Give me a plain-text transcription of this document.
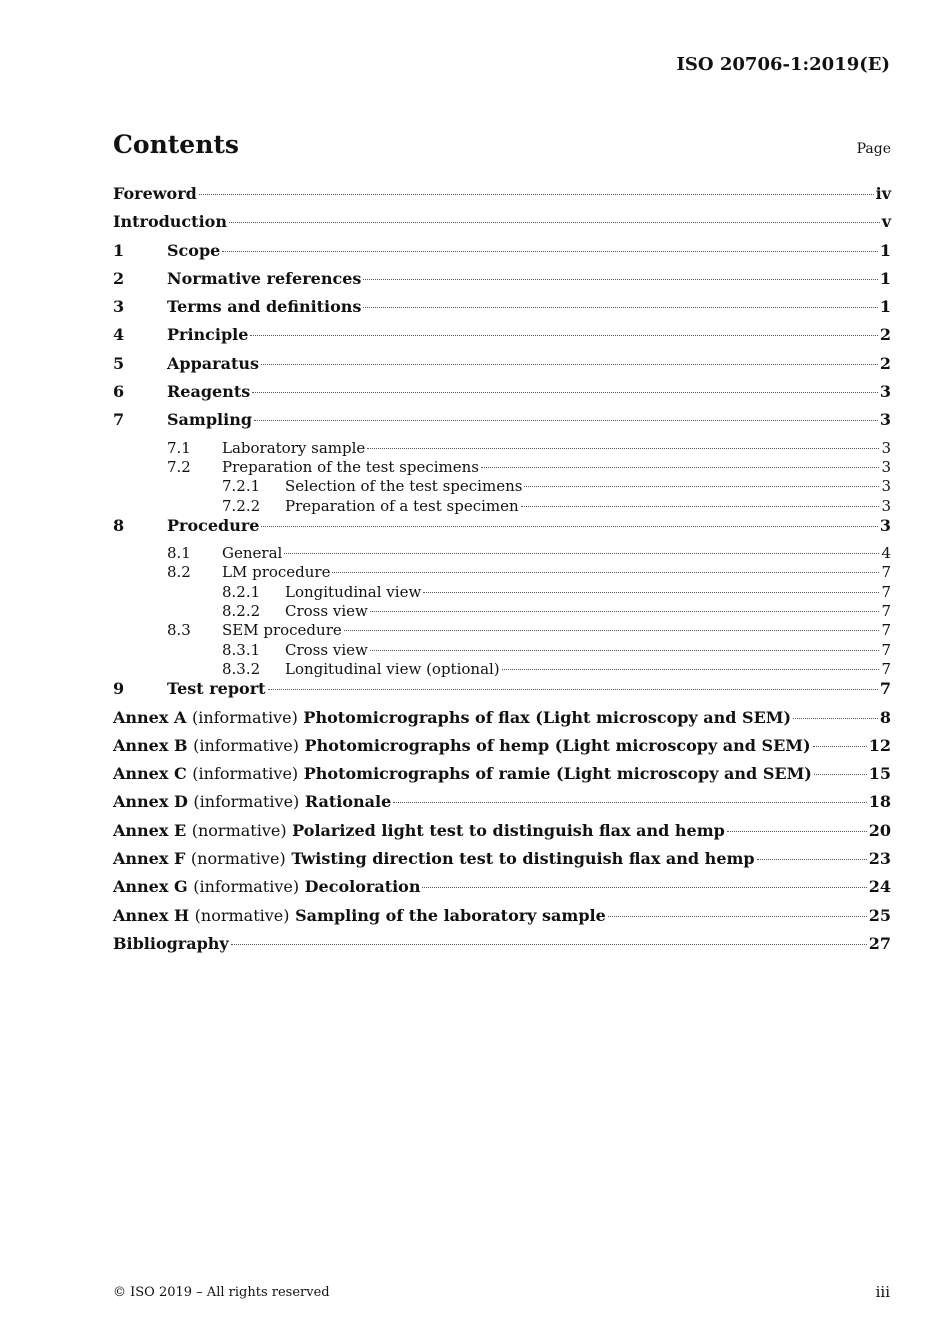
ISO 20706-1:2019(E)
Contents	Page
Foreword	iv
Introduction	v
1	Scope	1
2	Normative references	1
3	Terms and definitions	1
4	Principle	2
5	Apparatus	2
6	Reagents	3
7	Sampling	3
7.1	Laboratory sample	3
7.2	Preparation of the test specimens	3
7.2.1	Selection of the test specimens	3
7.2.2	Preparation of a test specimen	3
8	Procedure	3
8.1	General	4
8.2	LM procedure	7
8.2.1	Longitudinal view	7
8.2.2	Cross view	7
8.3	SEM procedure	7
8.3.1	Cross view	7
8.3.2	Longitudinal view (optional)	7
9	Test report	7
Annex A (informative) Photomicrographs of flax (Light microscopy and SEM)	8
Annex B (informative) Photomicrographs of hemp (Light microscopy and SEM)	12
Annex C (informative) Photomicrographs of ramie (Light microscopy and SEM)	15
Annex D (informative) Rationale	18
Annex E (normative) Polarized light test to distinguish flax and hemp	20
Annex F (normative) Twisting direction test to distinguish flax and hemp	23
Annex G (informative) Decoloration	24
Annex H (normative) Sampling of the laboratory sample	25
Bibliography	27
© ISO 2019 – All rights reserved	iii
